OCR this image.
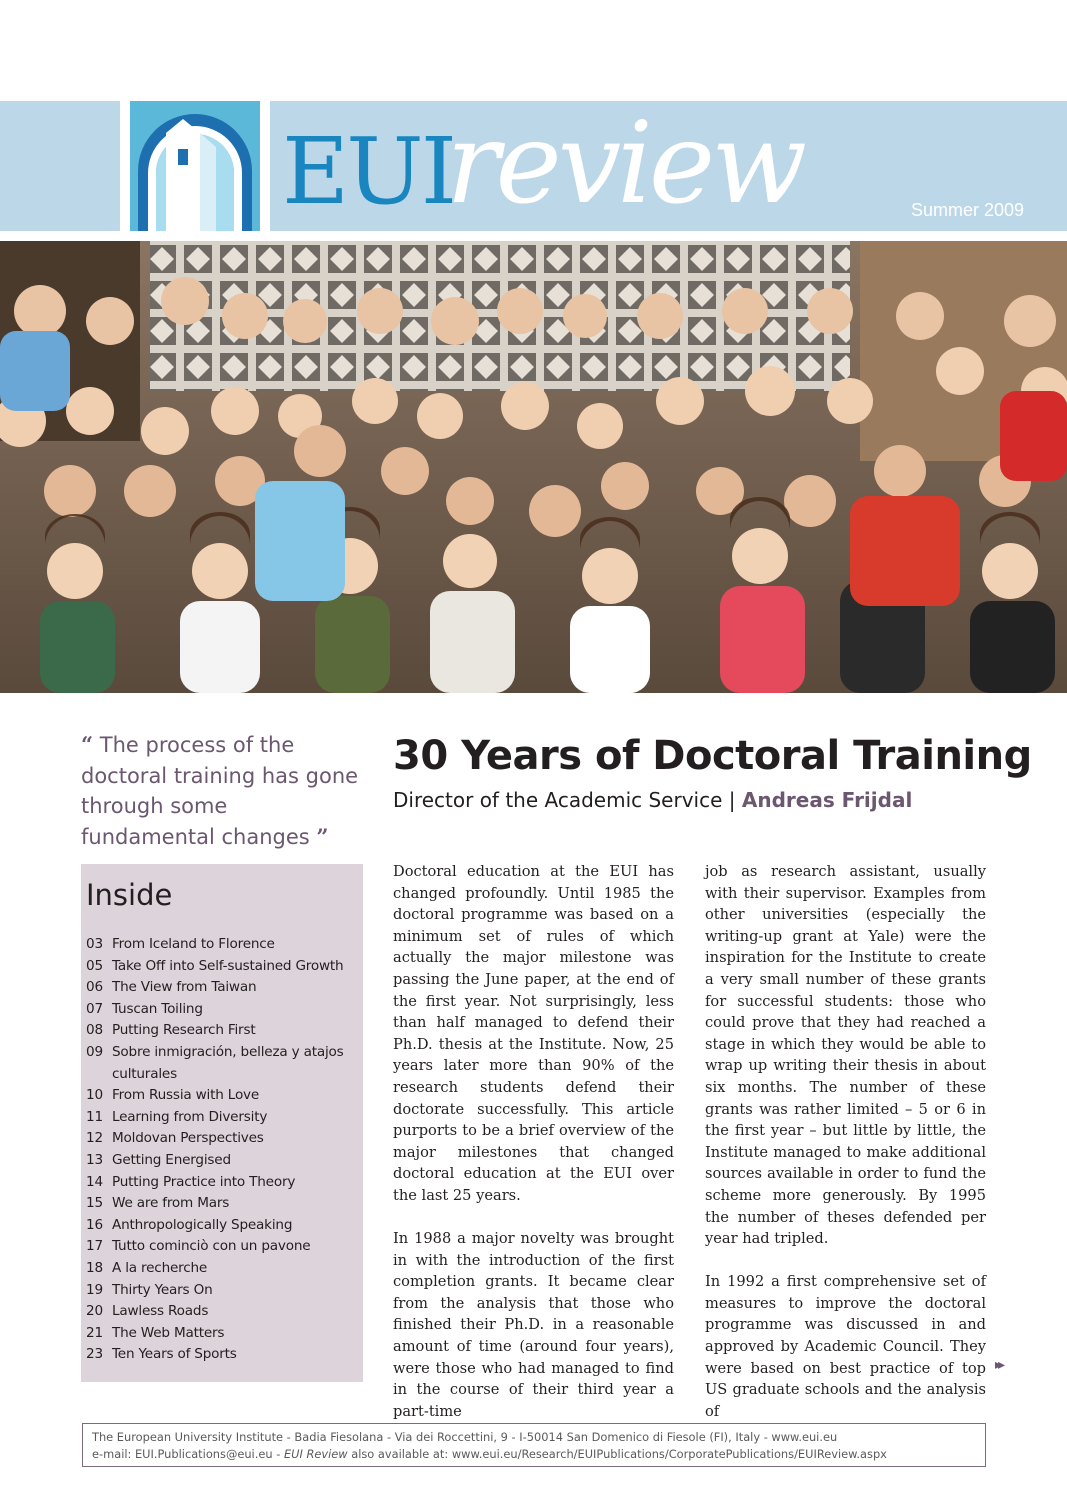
EUI
review	Summer 2009
“ The process of the doctoral training has gone through some fundamental changes ”
Inside
03 From Iceland to Florence
05 Take Off into Self-sustained Growth
06 The View from Taiwan
07 Tuscan Toiling
08 Putting Research First
09 Sobre inmigración, belleza y atajos culturales
10 From Russia with Love
11 Learning from Diversity
12 Moldovan Perspectives
13 Getting Energised
14 Putting Practice into Theory
15 We are from Mars
16 Anthropologically Speaking
17 Tutto cominciò con un pavone
18 A la recherche
19 Thirty Years On
20 Lawless Roads
21 The Web Matters
23 Ten Years of Sports
30 Years of Doctoral Training
Director of the Academic Service | Andreas Frijdal

Doctoral education at the EUI has changed profoundly. Until 1985 the doctoral programme was based on a minimum set of rules of which actually the major milestone was passing the June paper, at the end of the first year. Not surprisingly, less than half managed to defend their Ph.D. thesis at the Institute. Now, 25 years later more than 90% of the research students defend their doctorate successfully. This article purports to be a brief overview of the major milestones that changed doctoral education at the EUI over the last 25 years.

In 1988 a major novelty was brought in with the introduction of the first completion grants. It became clear from the analysis that those who finished their Ph.D. in a reasonable amount of time (around four years), were those who had managed to find in the course of their third year a part-time

job as research assistant, usually with their supervisor. Examples from other universities (especially the writing-up grant at Yale) were the inspiration for the Institute to create a very small number of these grants for successful students: those who could prove that they had reached a stage in which they would be able to wrap up writing their thesis in about six months. The number of these grants was rather limited – 5 or 6 in the first year – but little by little, the Institute managed to make additional sources available in order to fund the scheme more generously. By 1995 the number of theses defended per year had tripled.

In 1992 a first comprehensive set of measures to improve the doctoral programme was discussed in and approved by Academic Council. They were based on best practice of top US graduate schools and the analysis of

▸▸
The European University Institute - Badia Fiesolana - Via dei Roccettini, 9 - I-50014 San Domenico di Fiesole (FI), Italy - www.eui.eu
e-mail: EUI.Publications@eui.eu - EUI Review also available at: www.eui.eu/Research/EUIPublications/CorporatePublications/EUIReview.aspx
